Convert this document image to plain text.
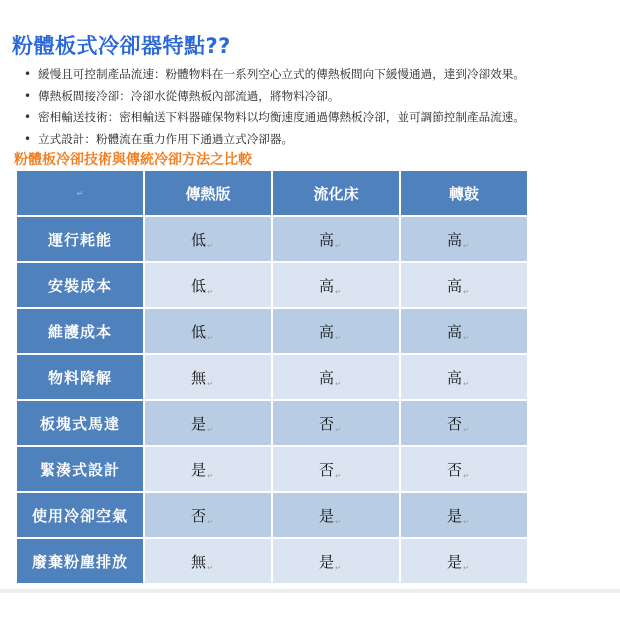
粉體板式冷卻器特點??
• 緩慢且可控制產品流速：粉體物料在一系列空心立式的傳熱板間向下緩慢通過，達到冷卻效果。
• 傳熱板間接冷卻：冷卻水從傳熱板內部流過，將物料冷卻。
• 密相輸送技術：密相輸送下料器確保物料以均衡速度通過傳熱板冷卻，並可調節控制產品流速。
• 立式設計：粉體流在重力作用下通過立式冷卻器。
粉體板冷卻技術與傳統冷卻方法之比較
↵	傳熱版	流化床	轉鼓
運行耗能	低$_↵$	高$_↵$	高$_↵$
安裝成本	低$_↵$	高$_↵$	高$_↵$
維護成本	低$_↵$	高$_↵$	高$_↵$
物料降解	無$_↵$	高$_↵$	高$_↵$
板塊式馬達	是$_↵$	否$_↵$	否$_↵$
緊湊式設計	是$_↵$	否$_↵$	否$_↵$
使用冷卻空氣	否$_↵$	是$_↵$	是$_↵$
廢棄粉塵排放	無$_↵$	是$_↵$	是$_↵$
